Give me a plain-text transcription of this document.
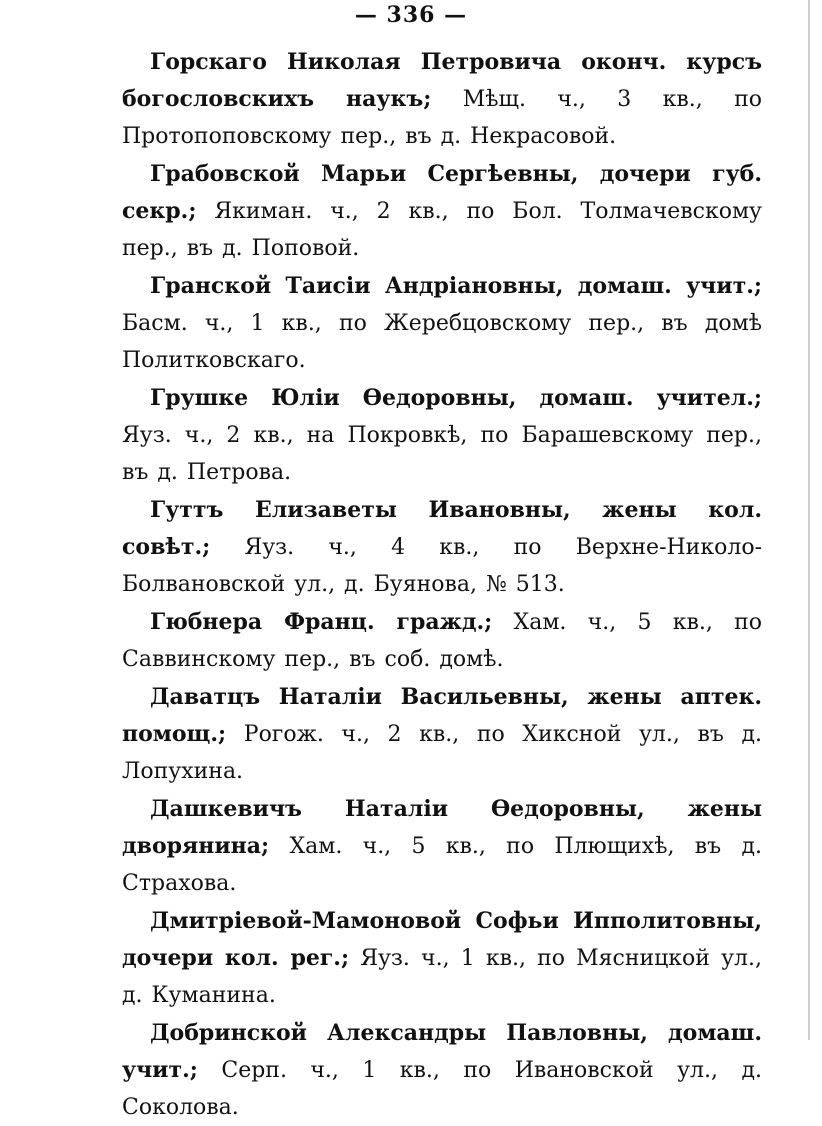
— 336 —

Горскаго Николая Петровича оконч. курсъ богословскихъ наукъ; Мѣщ. ч., 3 кв., по Протопоповскому пер., въ д. Некрасовой.

Грабовской Марьи Сергѣевны, дочери губ. секр.; Якиман. ч., 2 кв., по Бол. Толмачевскому пер., въ д. Поповой.

Гранской Таисіи Андріановны, домаш. учит.; Басм. ч., 1 кв., по Жеребцовскому пер., въ домѣ Политковскаго.

Грушке Юліи Ѳедоровны, домаш. учител.; Яуз. ч., 2 кв., на Покровкѣ, по Барашевскому пер., въ д. Петрова.

Гуттъ Елизаветы Ивановны, жены кол. совѣт.; Яуз. ч., 4 кв., по Верхне-Николо-Болвановской ул., д. Буянова, № 513.

Гюбнера Франц. гражд.; Хам. ч., 5 кв., по Саввинскому пер., въ соб. домѣ.

Даватцъ Наталіи Васильевны, жены аптек. помощ.; Рогож. ч., 2 кв., по Хиксной ул., въ д. Лопухина.

Дашкевичъ Наталіи Ѳедоровны, жены дворянина; Хам. ч., 5 кв., по Плющихѣ, въ д. Страхова.

Дмитріевой-Мамоновой Софьи Ипполитовны, дочери кол. рег.; Яуз. ч., 1 кв., по Мясницкой ул., д. Куманина.

Добринской Александры Павловны, домаш. учит.; Серп. ч., 1 кв., по Ивановской ул., д. Соколова.
